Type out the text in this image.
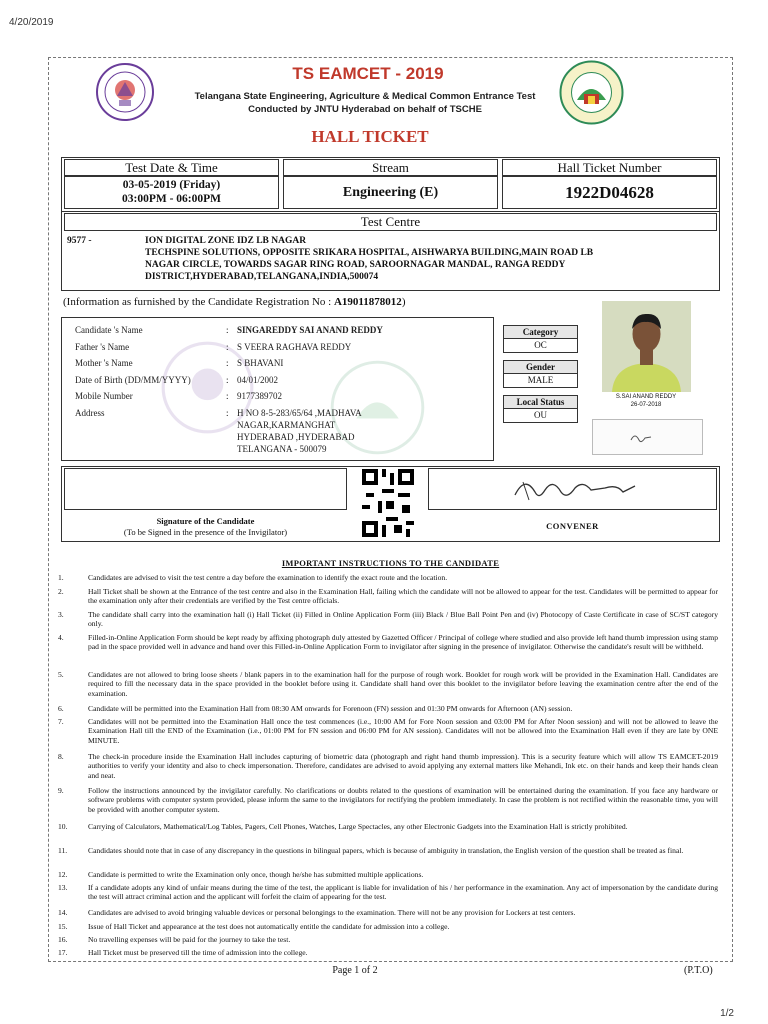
4/20/2019
TS EAMCET - 2019
Telangana State Engineering, Agriculture & Medical Common Entrance Test
Conducted by JNTU Hyderabad on behalf of TSCHE
HALL TICKET
Test Date & Time	Stream	Hall Ticket Number
03-05-2019 (Friday)
03:00PM - 06:00PM	Engineering (E)	1922D04628
Test Centre
9577 -	ION DIGITAL ZONE IDZ LB NAGAR
TECHSPINE SOLUTIONS, OPPOSITE SRIKARA HOSPITAL, AISHWARYA BUILDING,MAIN ROAD LB
NAGAR CIRCLE, TOWARDS SAGAR RING ROAD, SAROORNAGAR MANDAL, RANGA REDDY
DISTRICT,HYDERABAD,TELANGANA,INDIA,500074
(Information as furnished by the Candidate Registration No : A19011878012)
Candidate 's Name	: SINGAREDDY SAI ANAND REDDY
Father 's Name	: S VEERA RAGHAVA REDDY
Mother 's Name	: S BHAVANI
Date of Birth (DD/MM/YYYY)	: 04/01/2002
Mobile Number	: 9177389702
Address	: H NO 8-5-283/65/64 ,MADHAVA
NAGAR,KARMANGHAT
HYDERABAD ,HYDERABAD
TELANGANA - 500079
Category
OC
Gender
MALE
Local Status
OU
S.SAI ANAND REDDY
26-07-2018
Signature of the Candidate
(To be Signed in the presence of the Invigilator)
CONVENER
IMPORTANT INSTRUCTIONS TO THE CANDIDATE
1.	Candidates are advised to visit the test centre a day before the examination to identify the exact route and the location.
2.	Hall Ticket shall be shown at the Entrance of the test centre and also in the Examination Hall, failing which the candidate will not be allowed to appear for the test. Candidates will be permitted to appear for the examination only after their credentials are verified by the Test centre officials.
3.	The candidate shall carry into the examination hall (i) Hall Ticket (ii) Filled in Online Application Form (iii) Black / Blue Ball Point Pen and (iv) Photocopy of Caste Certificate in case of SC/ST category only.
4.	Filled-in-Online Application Form should be kept ready by affixing photograph duly attested by Gazetted Officer / Principal of college where studied and also provide left hand thumb impression using stamp pad in the space provided well in advance and hand over this Filled-in-Online Application Form to invigilator after signing in the presence of invigilator. Otherwise the candidate's result will be withheld.
5.	Candidates are not allowed to bring loose sheets / blank papers in to the examination hall for the purpose of rough work. Booklet for rough work will be provided in the Examination Hall. Candidates are required to fill the necessary data in the space provided in the booklet before using it. Candidate shall hand over this booklet to the invigilator before leaving the examination centre after the end of the examination.
6.	Candidate will be permitted into the Examination Hall from 08:30 AM onwards for Forenoon (FN) session and 01:30 PM onwards for Afternoon (AN) session.
7.	Candidates will not be permitted into the Examination Hall once the test commences (i.e., 10:00 AM for Fore Noon session and 03:00 PM for After Noon session) and will not be allowed to leave the Examination Hall till the END of the Examination (i.e., 01:00 PM for FN session and 06:00 PM for AN session). Candidates will not be allowed into the Examination Hall even if they are late by ONE MINUTE.
8.	The check-in procedure inside the Examination Hall includes capturing of biometric data (photograph and right hand thumb impression). This is a security feature which will allow TS EAMCET-2019 authorities to verify your identity and also to check impersonation. Therefore, candidates are advised to avoid applying any external matters like Mehandi, Ink etc. on their hands and keep their hands clean and neat.
9.	Follow the instructions announced by the invigilator carefully. No clarifications or doubts related to the questions of examination will be entertained during the examination. If you face any hardware or software problems with computer system provided, please inform the same to the invigilators for rectifying the problem immediately. In case the problem is not rectified within the reasonable time, you will be provided with another computer system.
10.	Carrying of Calculators, Mathematical/Log Tables, Pagers, Cell Phones, Watches, Large Spectacles, any other Electronic Gadgets into the Examination Hall is strictly prohibited.
11.	Candidates should note that in case of any discrepancy in the questions in bilingual papers, which is because of ambiguity in translation, the English version of the question shall be treated as final.
12.	Candidate is permitted to write the Examination only once, though he/she has submitted multiple applications.
13.	If a candidate adopts any kind of unfair means during the time of the test, the applicant is liable for invalidation of his / her performance in the examination. Any act of impersonation by the candidate during the test will attract criminal action and the applicant will forfeit the claim of appearing for the test.
14.	Candidates are advised to avoid bringing valuable devices or personal belongings to the examination. There will not be any provision for Lockers at test centers.
15.	Issue of Hall Ticket and appearance at the test does not automatically entitle the candidate for admission into a college.
16.	No travelling expenses will be paid for the journey to take the test.
17.	Hall Ticket must be preserved till the time of admission into the college.
Page 1 of 2	(P.T.O)
1/2
